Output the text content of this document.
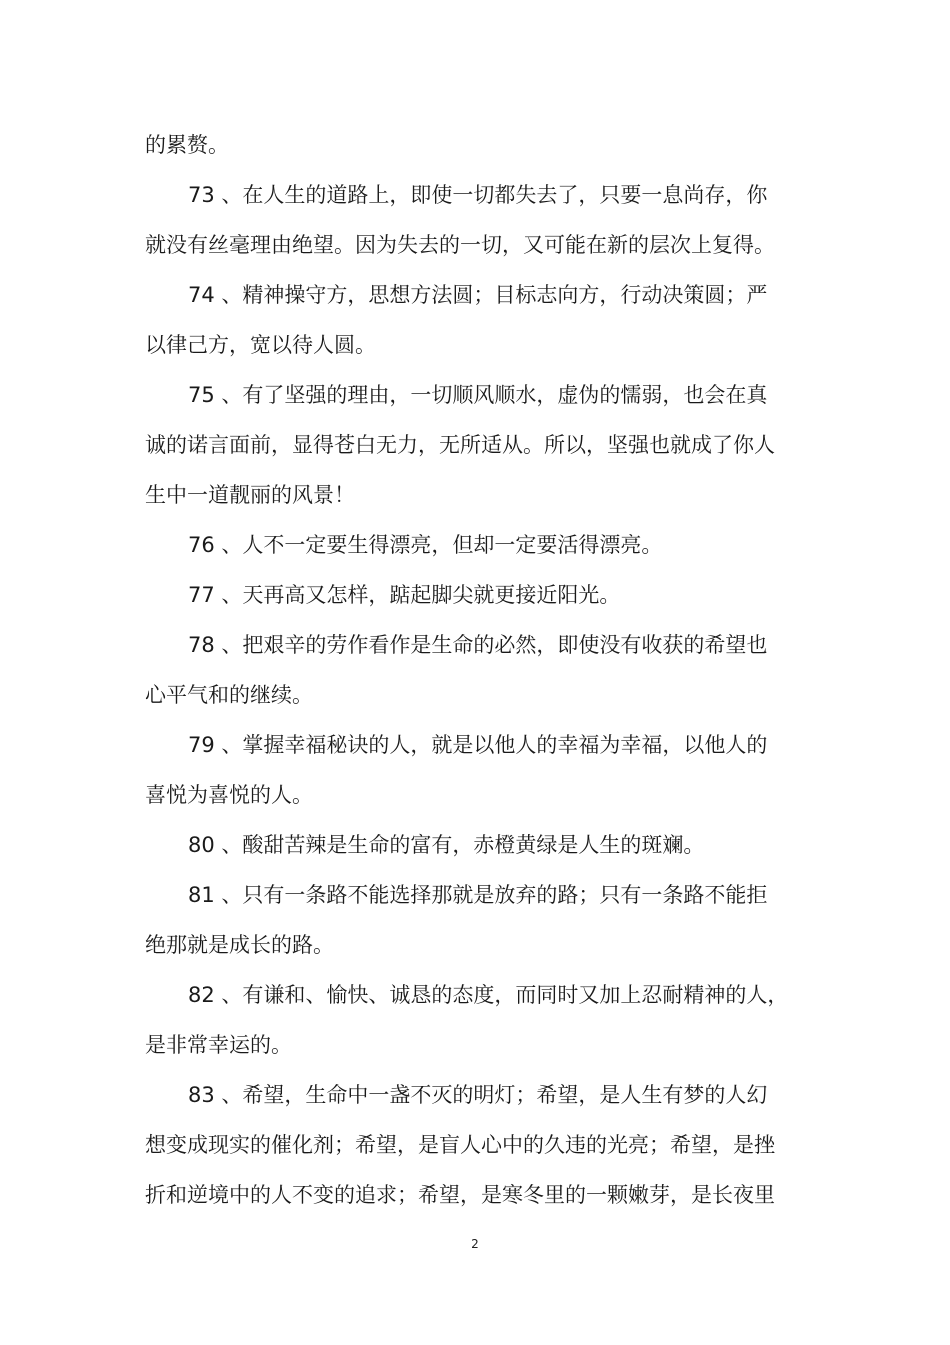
的累赘。
73 、在人生的道路上，即使一切都失去了，只要一息尚存，你
就没有丝毫理由绝望。因为失去的一切，又可能在新的层次上复得。
74 、精神操守方，思想方法圆；目标志向方，行动决策圆；严
以律己方，宽以待人圆。
75 、有了坚强的理由，一切顺风顺水，虚伪的懦弱，也会在真
诚的诺言面前，显得苍白无力，无所适从。所以，坚强也就成了你人
生中一道靓丽的风景！
76 、人不一定要生得漂亮，但却一定要活得漂亮。
77 、天再高又怎样，踮起脚尖就更接近阳光。
78 、把艰辛的劳作看作是生命的必然，即使没有收获的希望也
心平气和的继续。
79 、掌握幸福秘诀的人，就是以他人的幸福为幸福，以他人的
喜悦为喜悦的人。
80 、酸甜苦辣是生命的富有，赤橙黄绿是人生的斑斓。
81 、只有一条路不能选择那就是放弃的路；只有一条路不能拒
绝那就是成长的路。
82 、有谦和、愉快、诚恳的态度，而同时又加上忍耐精神的人，
是非常幸运的。
83 、希望，生命中一盏不灭的明灯；希望，是人生有梦的人幻
想变成现实的催化剂；希望，是盲人心中的久违的光亮；希望，是挫
折和逆境中的人不变的追求；希望，是寒冬里的一颗嫩芽，是长夜里
2
